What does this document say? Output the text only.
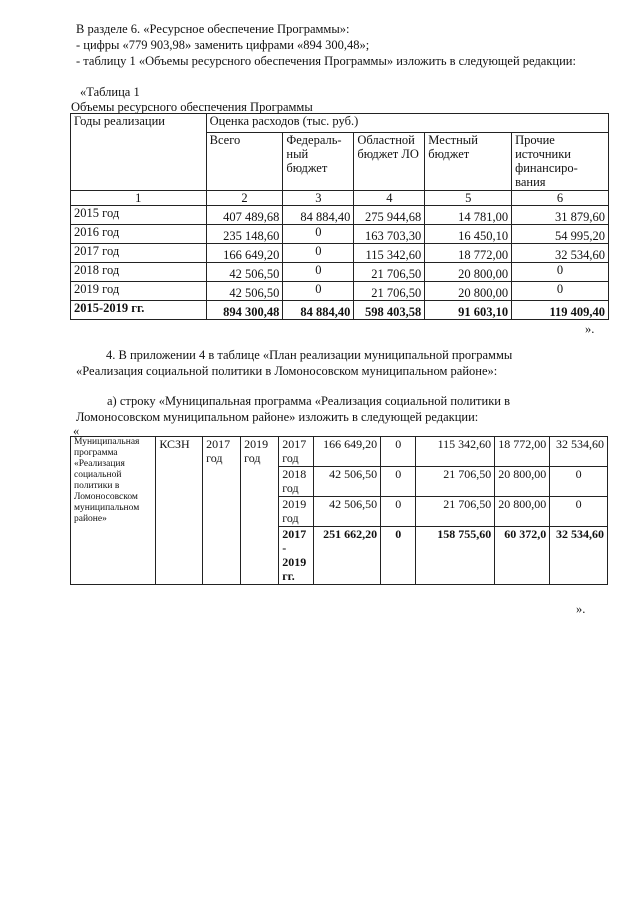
В разделе 6. «Ресурсное обеспечение Программы»:
- цифры «779 903,98» заменить цифрами «894 300,48»;
- таблицу 1 «Объемы ресурсного обеспечения Программы» изложить в следующей редакции:
«Таблица 1
Объемы ресурсного обеспечения Программы
Годы реализации	Оценка расходов (тыс. руб.)				
	Всего	Федераль-ный бюджет	Областной бюджет ЛО	Местный бюджет	Прочие источники финансиро-вания
1	2	3	4	5	6
2015 год	407 489,68	84 884,40	275 944,68	14 781,00	31 879,60
2016 год	235 148,60	0	163 703,30	16 450,10	54 995,20
2017 год	166 649,20	0	115 342,60	18 772,00	32 534,60
2018 год	42 506,50	0	21 706,50	20 800,00	0
2019 год	42 506,50	0	21 706,50	20 800,00	0
2015-2019 гг.	894 300,48	84 884,40	598 403,58	91 603,10	119 409,40
».
4. В приложении 4 в таблице «План реализации муниципальной программы
«Реализация социальной политики в Ломоносовском муниципальном районе»:
а) строку «Муниципальная программа «Реализация социальной политики в
Ломоносовском муниципальном районе» изложить в следующей редакции:
«
Муниципальная программа «Реализация социальной политики в Ломоносовском муниципальном районе»	КСЗН	2017 год	2019 год	2017 год	166 649,20	0	115 342,60	18 772,00	32 534,60
				2018 год	42 506,50	0	21 706,50	20 800,00	0
				2019 год	42 506,50	0	21 706,50	20 800,00	0
				2017 - 2019 гг.	251 662,20	0	158 755,60	60 372,0	32 534,60
».
